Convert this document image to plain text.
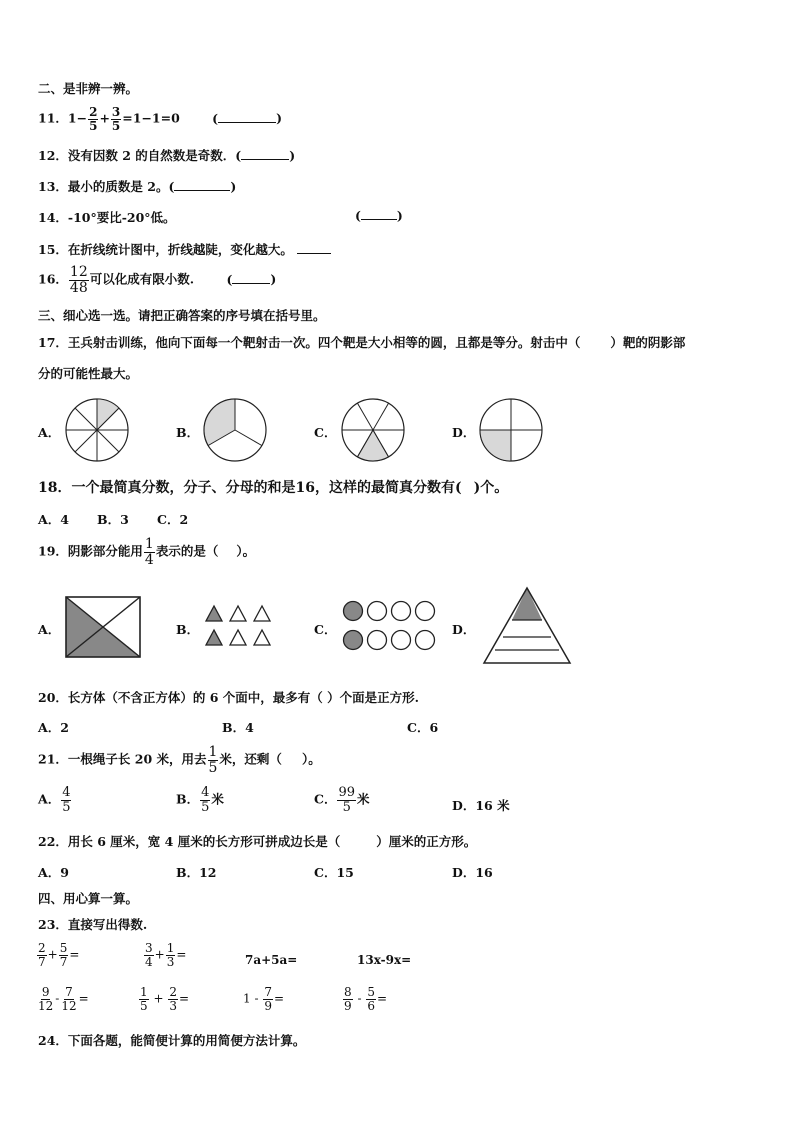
二、是非辨一辨。
11．$1- \frac{2}{5} + \frac{3}{5} =1-1=0$	(	)
12．没有因数 2 的自然数是奇数．(	)
13．最小的质数是 2。(	)
14．-10°要比-20°低。	(	)
15．在折线统计图中，折线越陡，变化越大。
16． $\frac{12}{48}$ 可以化成有限小数.	(	)
三、细心选一选。请把正确答案的序号填在括号里。
17．王兵射击训练，他向下面每一个靶射击一次。四个靶是大小相等的圆，且都是等分。射击中（ ）靶的阴影部
分的可能性最大。
A．	B．	C．	D．
18．一个最简真分数，分子、分母的和是16，这样的最简真分数有( )个。
A．4 B．3 C．2
19．阴影部分能用 $\frac{1}{4}$ 表示的是（ ）。
A．	B．	C．	D．
20．长方体（不含正方体）的 6 个面中，最多有（ ）个面是正方形.
A．2	B．4	C．6
21．一根绳子长 20 米，用去 $\frac{1}{5}$ 米，还剩（ ）。
A． $\frac{4}{5}$	B． $\frac{4}{5}$ 米	C． $\frac{99}{5}$ 米	D．16 米
22．用长 6 厘米，宽 4 厘米的长方形可拼成边长是（	）厘米的正方形。
A．9	B．12	C．15	D．16
四、用心算一算。
23．直接写出得数.
$\frac{2}{7} + \frac{5}{7}$ =	$\frac{3}{4} + \frac{1}{3}$ =	7a+5a=	13x-9x=
$\frac{9}{12} - \frac{7}{12}$ =	$\frac{1}{5} + \frac{2}{3}$ =	$1 - \frac{7}{9}$ =	$\frac{8}{9} - \frac{5}{6}$ =
24．下面各题，能简便计算的用简便方法计算。
